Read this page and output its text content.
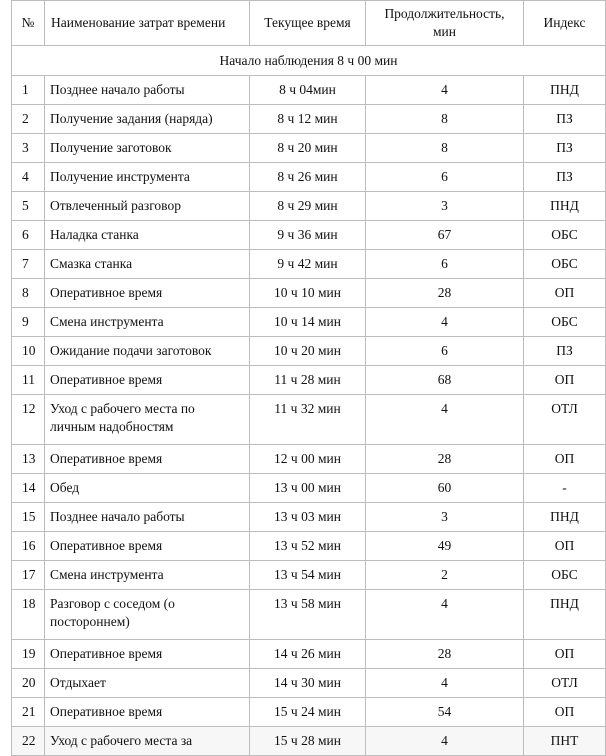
№	Наименование затрат времени	Текущее время	Продолжительность, мин	Индекс
Начало наблюдения 8 ч 00 мин				
1	Позднее начало работы	8 ч 04мин	4	ПНД
2	Получение задания (наряда)	8 ч 12 мин	8	ПЗ
3	Получение заготовок	8 ч 20 мин	8	ПЗ
4	Получение инструмента	8 ч 26 мин	6	ПЗ
5	Отвлеченный разговор	8 ч 29 мин	3	ПНД
6	Наладка станка	9 ч 36 мин	67	ОБС
7	Смазка станка	9 ч 42 мин	6	ОБС
8	Оперативное время	10 ч 10 мин	28	ОП
9	Смена инструмента	10 ч 14 мин	4	ОБС
10	Ожидание подачи заготовок	10 ч 20 мин	6	ПЗ
11	Оперативное время	11 ч 28 мин	68	ОП
12	Уход с рабочего места по личным надобностям	11 ч 32 мин	4	ОТЛ
13	Оперативное время	12 ч 00 мин	28	ОП
14	Обед	13 ч 00 мин	60	-
15	Позднее начало работы	13 ч 03 мин	3	ПНД
16	Оперативное время	13 ч 52 мин	49	ОП
17	Смена инструмента	13 ч 54 мин	2	ОБС
18	Разговор с соседом (о постороннем)	13 ч 58 мин	4	ПНД
19	Оперативное время	14 ч 26 мин	28	ОП
20	Отдыхает	14 ч 30 мин	4	ОТЛ
21	Оперативное время	15 ч 24 мин	54	ОП
22	Уход с рабочего места за	15 ч 28 мин	4	ПНТ
